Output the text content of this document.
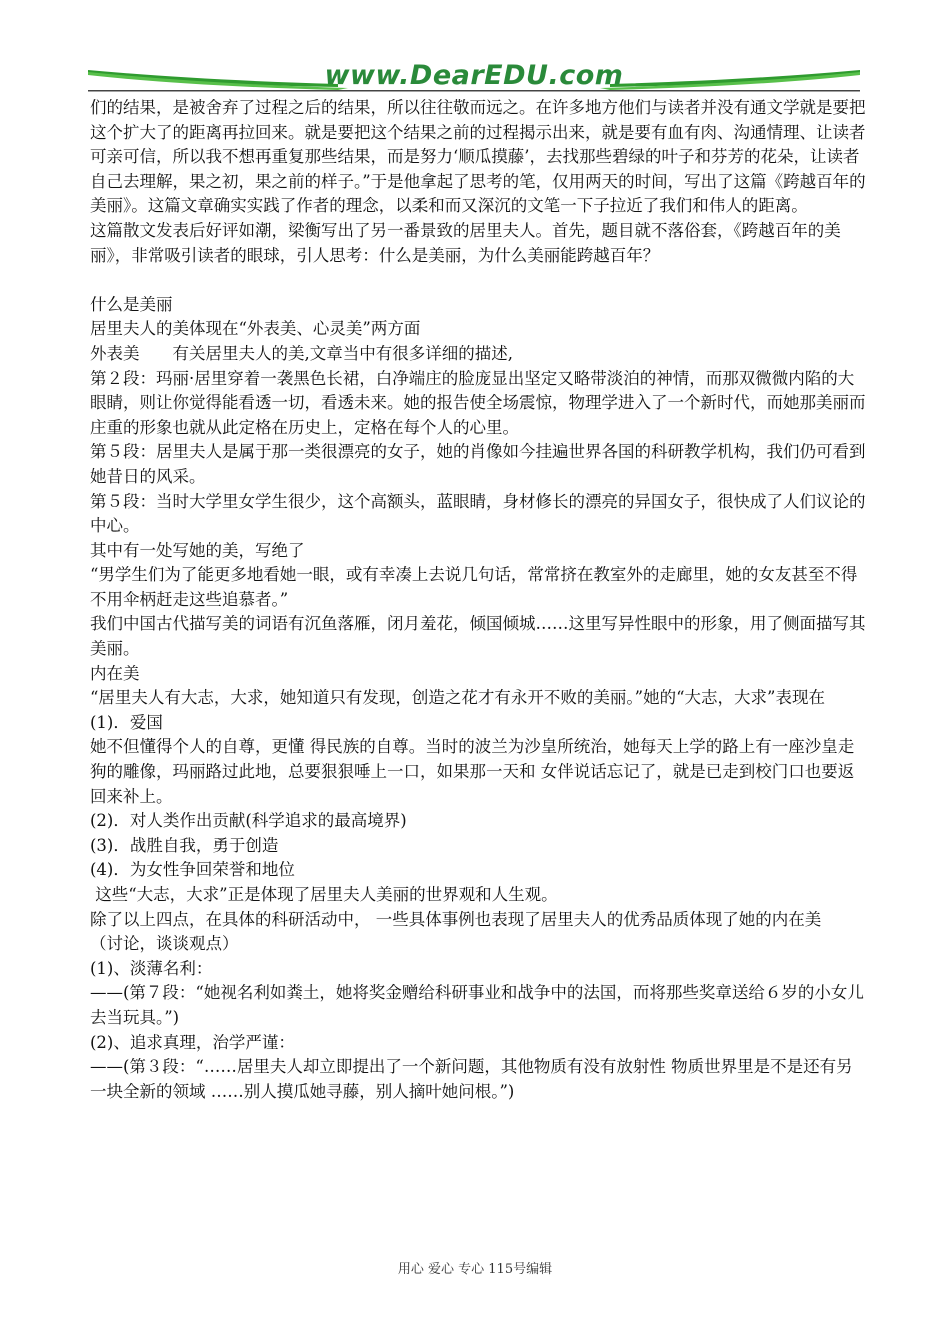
www.DearEDU.com

们的结果，是被舍弃了过程之后的结果，所以往往敬而远之。在许多地方他们与读者并没有通文学就是要把这个扩大了的距离再拉回来。就是要把这个结果之前的过程揭示出来，就是要有血有肉、沟通情理、让读者可亲可信，所以我不想再重复那些结果，而是努力‘顺瓜摸藤’，去找那些碧绿的叶子和芬芳的花朵，让读者自己去理解，果之初，果之前的样子。”于是他拿起了思考的笔，仅用两天的时间，写出了这篇《跨越百年的美丽》。这篇文章确实实践了作者的理念，以柔和而又深沉的文笔一下子拉近了我们和伟人的距离。

这篇散文发表后好评如潮，梁衡写出了另一番景致的居里夫人。首先，题目就不落俗套，《跨越百年的美丽》，非常吸引读者的眼球，引人思考：什么是美丽，为什么美丽能跨越百年？

什么是美丽

居里夫人的美体现在“外表美、心灵美”两方面

外表美　　有关居里夫人的美,文章当中有很多详细的描述,

第２段：玛丽·居里穿着一袭黑色长裙，白净端庄的脸庞显出坚定又略带淡泊的神情，而那双微微内陷的大眼睛，则让你觉得能看透一切，看透未来。她的报告使全场震惊，物理学进入了一个新时代，而她那美丽而庄重的形象也就从此定格在历史上，定格在每个人的心里。

第５段：居里夫人是属于那一类很漂亮的女子，她的肖像如今挂遍世界各国的科研教学机构，我们仍可看到她昔日的风采。

第５段：当时大学里女学生很少，这个高额头，蓝眼睛，身材修长的漂亮的异国女子，很快成了人们议论的中心。

其中有一处写她的美，写绝了

“男学生们为了能更多地看她一眼，或有幸凑上去说几句话，常常挤在教室外的走廊里，她的女友甚至不得不用伞柄赶走这些追慕者。”

我们中国古代描写美的词语有沉鱼落雁，闭月羞花，倾国倾城……这里写异性眼中的形象，用了侧面描写其美丽。

内在美

“居里夫人有大志，大求，她知道只有发现，创造之花才有永开不败的美丽。”她的“大志，大求”表现在

(1)．爱国

她不但懂得个人的自尊，更懂 得民族的自尊。当时的波兰为沙皇所统治，她每天上学的路上有一座沙皇走狗的雕像，玛丽路过此地，总要狠狠唾上一口，如果那一天和 女伴说话忘记了，就是已走到校门口也要返回来补上。

(2)．对人类作出贡献(科学追求的最高境界)

(3)．战胜自我，勇于创造

(4)．为女性争回荣誉和地位

这些“大志，大求”正是体现了居里夫人美丽的世界观和人生观。

除了以上四点，在具体的科研活动中， 一些具体事例也表现了居里夫人的优秀品质体现了她的内在美

（讨论，谈谈观点）

(1)、淡薄名利：

——(第７段：“她视名利如粪土，她将奖金赠给科研事业和战争中的法国，而将那些奖章送给６岁的小女儿去当玩具。”)

(2)、追求真理，治学严谨：

——(第３段：“……居里夫人却立即提出了一个新问题，其他物质有没有放射性 物质世界里是不是还有另一块全新的领域 ……别人摸瓜她寻藤，别人摘叶她问根。”)

用心 爱心 专心 115号编辑
